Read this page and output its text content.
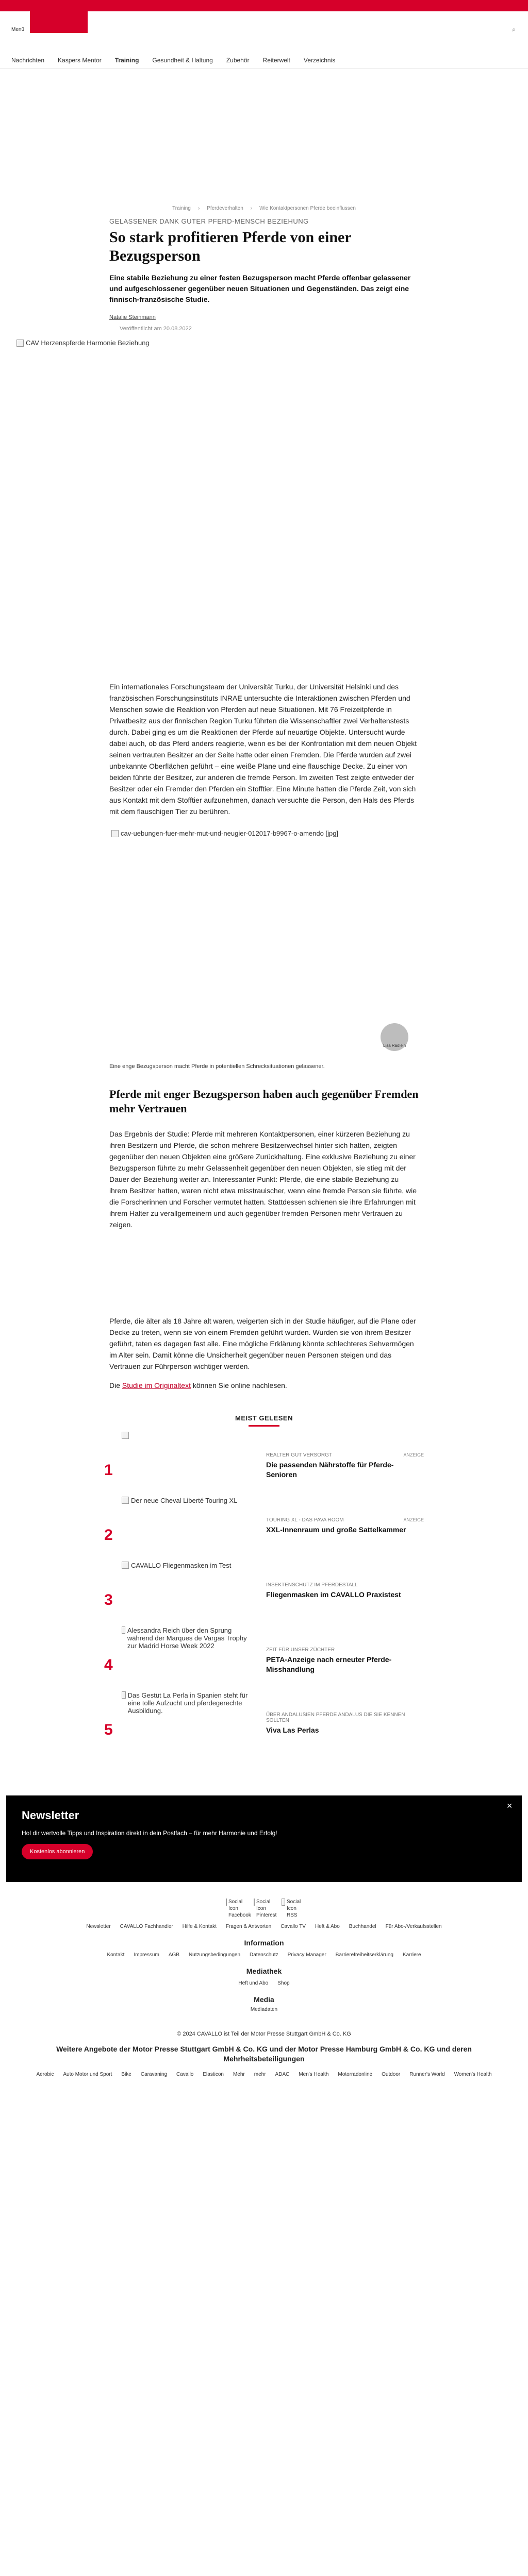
Menü	⌕
Nachrichten Kaspers Mentor Training Gesundheit & Haltung Zubehör Reiterwelt Verzeichnis
Training › Pferdeverhalten › Wie Kontaktpersonen Pferde beeinflussen
GELASSENER DANK GUTER PFERD-MENSCH BEZIEHUNG
So stark profitieren Pferde von einer Bezugsperson
Eine stabile Beziehung zu einer festen Bezugsperson macht Pferde offenbar gelassener und aufgeschlossener gegenüber neuen Situationen und Gegenständen. Das zeigt eine finnisch-französische Studie.
Natalie Steinmann
Veröffentlicht am 20.08.2022
CAV Herzenspferde Harmonie Beziehung

Ein internationales Forschungsteam der Universität Turku, der Universität Helsinki und des französischen Forschungsinstituts INRAE untersuchte die Interaktionen zwischen Pferden und Menschen sowie die Reaktion von Pferden auf neue Situationen. Mit 76 Freizeitpferde in Privatbesitz aus der finnischen Region Turku führten die Wissenschaftler zwei Verhaltenstests durch. Dabei ging es um die Reaktionen der Pferde auf neuartige Objekte. Untersucht wurde dabei auch, ob das Pferd anders reagierte, wenn es bei der Konfrontation mit dem neuen Objekt seinen vertrauten Besitzer an der Seite hatte oder einen Fremden. Die Pferde wurden auf zwei unbekannte Oberflächen geführt – eine weiße Plane und eine flauschige Decke. Zu einer von beiden führte der Besitzer, zur anderen die fremde Person. Im zweiten Test zeigte entweder der Besitzer oder ein Fremder den Pferden ein Stofftier. Eine Minute hatten die Pferde Zeit, von sich aus Kontakt mit dem Stofftier aufzunehmen, danach versuchte die Person, den Hals des Pferds mit dem flauschigen Tier zu berühren.

cav-uebungen-fuer-mehr-mut-und-neugier-012017-b9967-o-amendo [jpg]
Lisa Rädlein
Eine enge Bezugsperson macht Pferde in potentiellen Schrecksituationen gelassener.
Pferde mit enger Bezugsperson haben auch gegenüber Fremden mehr Vertrauen

Das Ergebnis der Studie: Pferde mit mehreren Kontaktpersonen, einer kürzeren Beziehung zu ihren Besitzern und Pferde, die schon mehrere Besitzerwechsel hinter sich hatten, zeigten gegenüber den neuen Objekten eine größere Zurückhaltung. Eine exklusive Beziehung zu einer Bezugsperson führte zu mehr Gelassenheit gegenüber den neuen Objekten, sie stieg mit der Dauer der Beziehung weiter an. Interessanter Punkt: Pferde, die eine stabile Beziehung zu ihrem Besitzer hatten, waren nicht etwa misstrauischer, wenn eine fremde Person sie führte, wie die Forscherinnen und Forscher vermutet hatten. Stattdessen schienen sie ihre Erfahrungen mit ihrem Halter zu verallgemeinern und auch gegenüber fremden Personen mehr Vertrauen zu zeigen.

Pferde, die älter als 18 Jahre alt waren, weigerten sich in der Studie häufiger, auf die Plane oder Decke zu treten, wenn sie von einem Fremden geführt wurden. Wurden sie von ihrem Besitzer geführt, taten es dagegen fast alle. Eine mögliche Erklärung könnte schlechteres Sehvermögen im Alter sein. Damit könne die Unsicherheit gegenüber neuen Personen steigen und das Vertrauen zur Führperson wichtiger werden.

Die Studie im Originaltext können Sie online nachlesen.
MEIST GELESEN
1
REALTER GUT VERSORGT	ANZEIGE
Die passenden Nährstoffe für Pferde-Senioren
2
Der neue Cheval Liberté Touring XL
TOURING XL - DAS PAVA ROOM	ANZEIGE
XXL-Innenraum und große Sattelkammer
3
CAVALLO Fliegenmasken im Test
INSEKTENSCHUTZ IM PFERDESTALL
Fliegenmasken im CAVALLO Praxistest
4
Alessandra Reich über den Sprung während der Marques de Vargas Trophy zur Madrid Horse Week 2022
ZEIT FÜR UNSER ZÜCHTER
PETA-Anzeige nach erneuter Pferde-Misshandlung
5
Das Gestüt La Perla in Spanien steht für eine tolle Aufzucht und pferdegerechte Ausbildung.
ÜBER ANDALUSIEN PFERDE ANDALUS DIE SIE KENNEN SOLLTEN
Viva Las Perlas
✕
Newsletter

Hol dir wertvolle Tipps und Inspiration direkt in dein Postfach – für mehr Harmonie und Erfolg!

Kostenlos abonnieren
Social Icon Facebook
Social Icon Pinterest
Social Icon RSS
Newsletter CAVALLO Fachhandler Hilfe & Kontakt Fragen & Antworten Cavallo TV Heft & Abo Buchhandel Für Abo-/Verkaufsstellen
Information
Kontakt Impressum AGB Nutzungsbedingungen Datenschutz Privacy Manager Barrierefreiheitserklärung Karriere
Mediathek
Heft und Abo Shop
Media
Mediadaten
© 2024 CAVALLO ist Teil der Motor Presse Stuttgart GmbH & Co. KG
Weitere Angebote der Motor Presse Stuttgart GmbH & Co. KG und der Motor Presse Hamburg GmbH & Co. KG und deren Mehrheitsbeteiligungen
Aerobic Auto Motor und Sport Bike Caravaning Cavallo Elasticon Mehr mehr ADAC Men's Health Motorradonline Outdoor Runner's World Women's Health
